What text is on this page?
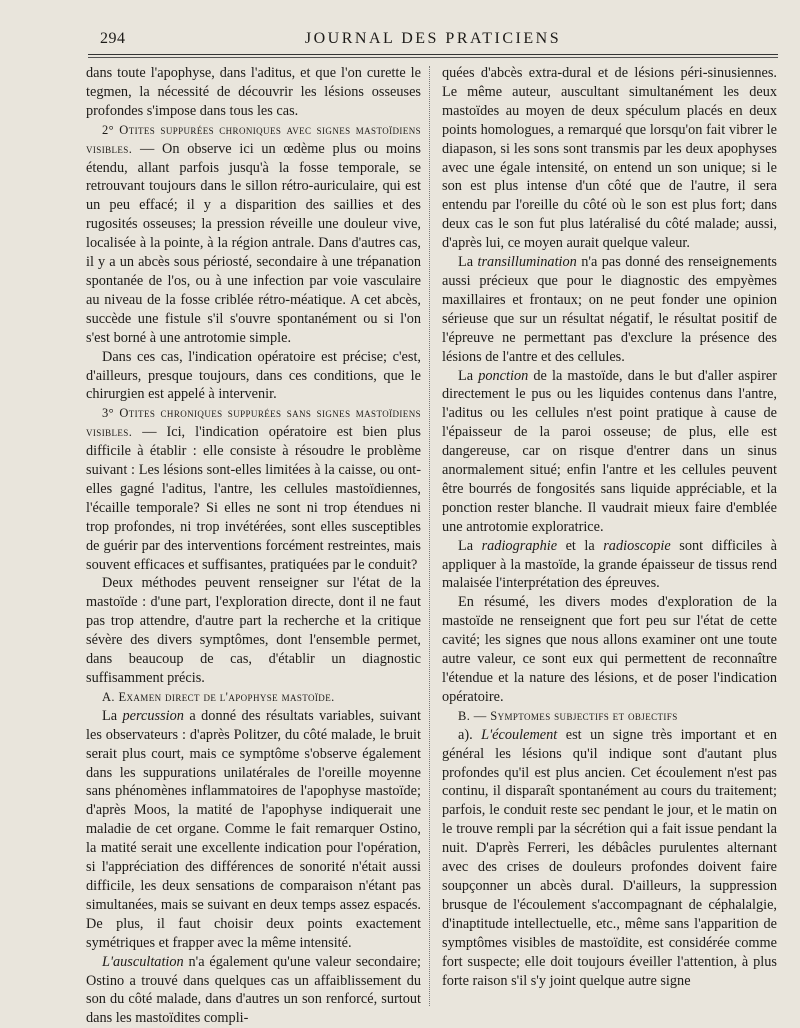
294	JOURNAL DES PRATICIENS

dans toute l'apophyse, dans l'aditus, et que l'on curette le tegmen, la nécessité de découvrir les lésions osseuses profondes s'impose dans tous les cas.

2° Otites suppurées chroniques avec signes mastoïdiens visibles. — On observe ici un œdème plus ou moins étendu, allant parfois jusqu'à la fosse temporale, se retrouvant toujours dans le sillon rétro-auriculaire, qui est un peu effacé; il y a disparition des saillies et des rugosités osseuses; la pression réveille une douleur vive, localisée à la pointe, à la région antrale. Dans d'autres cas, il y a un abcès sous périosté, secondaire à une trépanation spontanée de l'os, ou à une infection par voie vasculaire au niveau de la fosse criblée rétro-méatique. A cet abcès, succède une fistule s'il s'ouvre spontanément ou si l'on s'est borné à une antrotomie simple.

Dans ces cas, l'indication opératoire est précise; c'est, d'ailleurs, presque toujours, dans ces conditions, que le chirurgien est appelé à intervenir.

3° Otites chroniques suppurées sans signes mastoïdiens visibles. — Ici, l'indication opératoire est bien plus difficile à établir : elle consiste à résoudre le problème suivant : Les lésions sont-elles limitées à la caisse, ou ont-elles gagné l'aditus, l'antre, les cellules mastoïdiennes, l'écaille temporale? Si elles ne sont ni trop étendues ni trop profondes, ni trop invétérées, sont elles susceptibles de guérir par des interventions forcément restreintes, mais souvent efficaces et suffisantes, pratiquées par le conduit?

Deux méthodes peuvent renseigner sur l'état de la mastoïde : d'une part, l'exploration directe, dont il ne faut pas trop attendre, d'autre part la recherche et la critique sévère des divers symptômes, dont l'ensemble permet, dans beaucoup de cas, d'établir un diagnostic suffisamment précis.

A. Examen direct de l'apophyse mastoïde.

La percussion a donné des résultats variables, suivant les observateurs : d'après Politzer, du côté malade, le bruit serait plus court, mais ce symptôme s'observe également dans les suppurations unilatérales de l'oreille moyenne sans phénomènes inflammatoires de l'apophyse mastoïde; d'après Moos, la matité de l'apophyse indiquerait une maladie de cet organe. Comme le fait remarquer Ostino, la matité serait une excellente indication pour l'opération, si l'appréciation des différences de sonorité n'était aussi difficile, les deux sensations de comparaison n'étant pas simultanées, mais se suivant en deux temps assez espacés. De plus, il faut choisir deux points exactement symétriques et frapper avec la même intensité.

L'auscultation n'a également qu'une valeur secondaire; Ostino a trouvé dans quelques cas un affaiblissement du son du côté malade, dans d'autres un son renforcé, surtout dans les mastoïdites compli-

quées d'abcès extra-dural et de lésions péri-sinusiennes. Le même auteur, auscultant simultanément les deux mastoïdes au moyen de deux spéculum placés en deux points homologues, a remarqué que lorsqu'on fait vibrer le diapason, si les sons sont transmis par les deux apophyses avec une égale intensité, on entend un son unique; si le son est plus intense d'un côté que de l'autre, il sera entendu par l'oreille du côté où le son est plus fort; dans deux cas le son fut plus latéralisé du côté malade; aussi, d'après lui, ce moyen aurait quelque valeur.

La transillumination n'a pas donné des renseignements aussi précieux que pour le diagnostic des empyèmes maxillaires et frontaux; on ne peut fonder une opinion sérieuse que sur un résultat négatif, le résultat positif de l'épreuve ne permettant pas d'exclure la présence des lésions de l'antre et des cellules.

La ponction de la mastoïde, dans le but d'aller aspirer directement le pus ou les liquides contenus dans l'antre, l'aditus ou les cellules n'est point pratique à cause de l'épaisseur de la paroi osseuse; de plus, elle est dangereuse, car on risque d'entrer dans un sinus anormalement situé; enfin l'antre et les cellules peuvent être bourrés de fongosités sans liquide appréciable, et la ponction rester blanche. Il vaudrait mieux faire d'emblée une antrotomie exploratrice.

La radiographie et la radioscopie sont difficiles à appliquer à la mastoïde, la grande épaisseur de tissus rend malaisée l'interprétation des épreuves.

En résumé, les divers modes d'exploration de la mastoïde ne renseignent que fort peu sur l'état de cette cavité; les signes que nous allons examiner ont une toute autre valeur, ce sont eux qui permettent de reconnaître l'étendue et la nature des lésions, et de poser l'indication opératoire.

B. — Symptomes subjectifs et objectifs

a). L'écoulement est un signe très important et en général les lésions qu'il indique sont d'autant plus profondes qu'il est plus ancien. Cet écoulement n'est pas continu, il disparaît spontanément au cours du traitement; parfois, le conduit reste sec pendant le jour, et le matin on le trouve rempli par la sécrétion qui a fait issue pendant la nuit. D'après Ferreri, les débâcles purulentes alternant avec des crises de douleurs profondes doivent faire soupçonner un abcès dural. D'ailleurs, la suppression brusque de l'écoulement s'accompagnant de céphalalgie, d'inaptitude intellectuelle, etc., même sans l'apparition de symptômes visibles de mastoïdite, est considérée comme fort suspecte; elle doit toujours éveiller l'attention, à plus forte raison s'il s'y joint quelque autre signe
